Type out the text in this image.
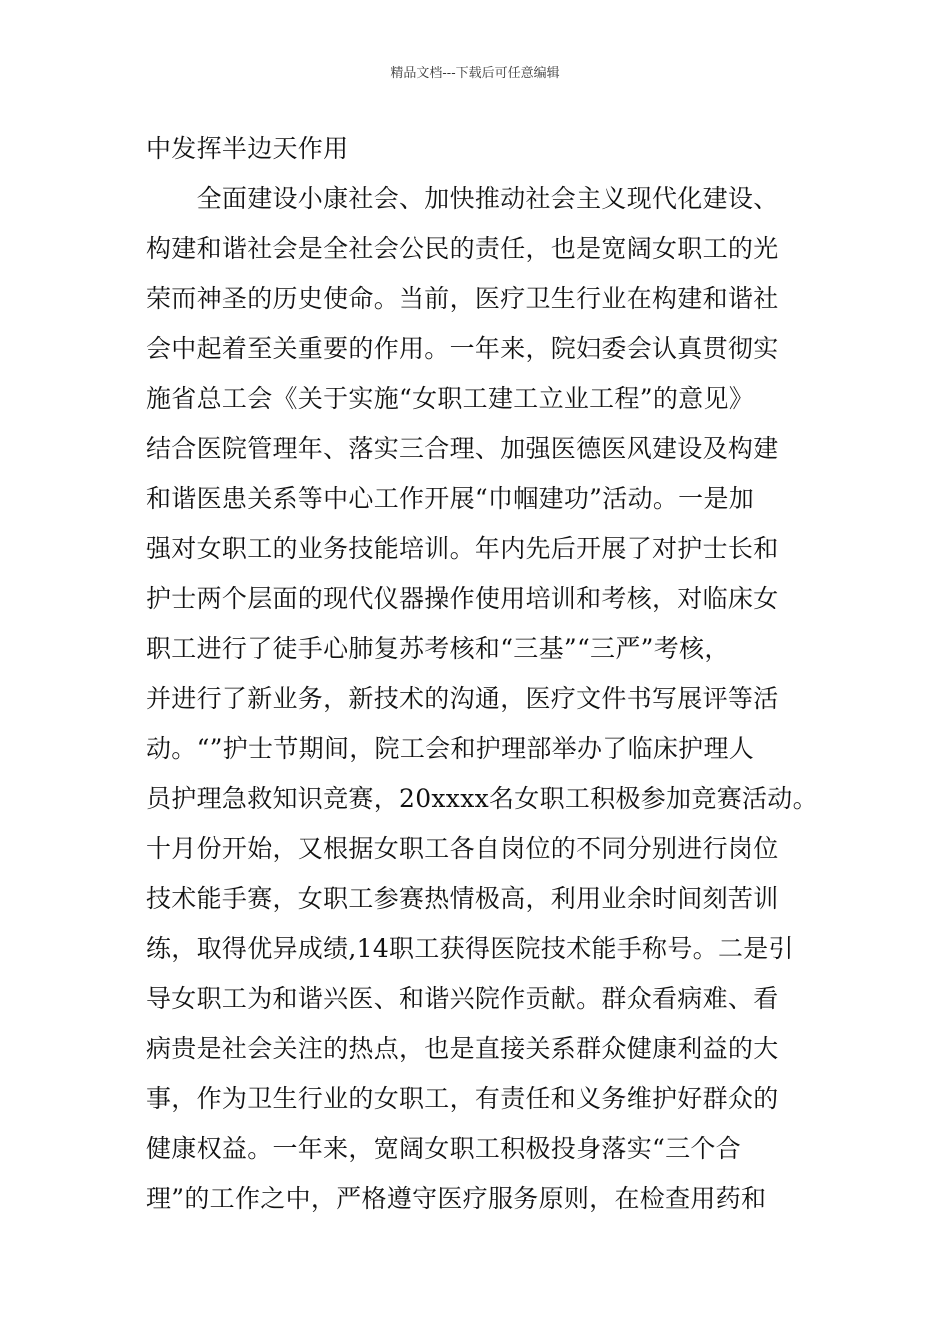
精品文档---下载后可任意编辑
中发挥半边天作用
　　全面建设小康社会、加快推动社会主义现代化建设、
构建和谐社会是全社会公民的责任，也是宽阔女职工的光
荣而神圣的历史使命。当前，医疗卫生行业在构建和谐社
会中起着至关重要的作用。一年来，院妇委会认真贯彻实
施省总工会《关于实施“女职工建工立业工程”的意见》
结合医院管理年、落实三合理、加强医德医风建设及构建
和谐医患关系等中心工作开展“巾帼建功”活动。一是加
强对女职工的业务技能培训。年内先后开展了对护士长和
护士两个层面的现代仪器操作使用培训和考核，对临床女
职工进行了徒手心肺复苏考核和“三基”“三严”考核，
并进行了新业务，新技术的沟通，医疗文件书写展评等活
动。“”护士节期间，院工会和护理部举办了临床护理人
员护理急救知识竞赛，20xxxx名女职工积极参加竞赛活动。
十月份开始，又根据女职工各自岗位的不同分别进行岗位
技术能手赛，女职工参赛热情极高，利用业余时间刻苦训
练，取得优异成绩,14职工获得医院技术能手称号。二是引
导女职工为和谐兴医、和谐兴院作贡献。群众看病难、看
病贵是社会关注的热点，也是直接关系群众健康利益的大
事，作为卫生行业的女职工，有责任和义务维护好群众的
健康权益。一年来，宽阔女职工积极投身落实“三个合
理”的工作之中，严格遵守医疗服务原则，在检查用药和
